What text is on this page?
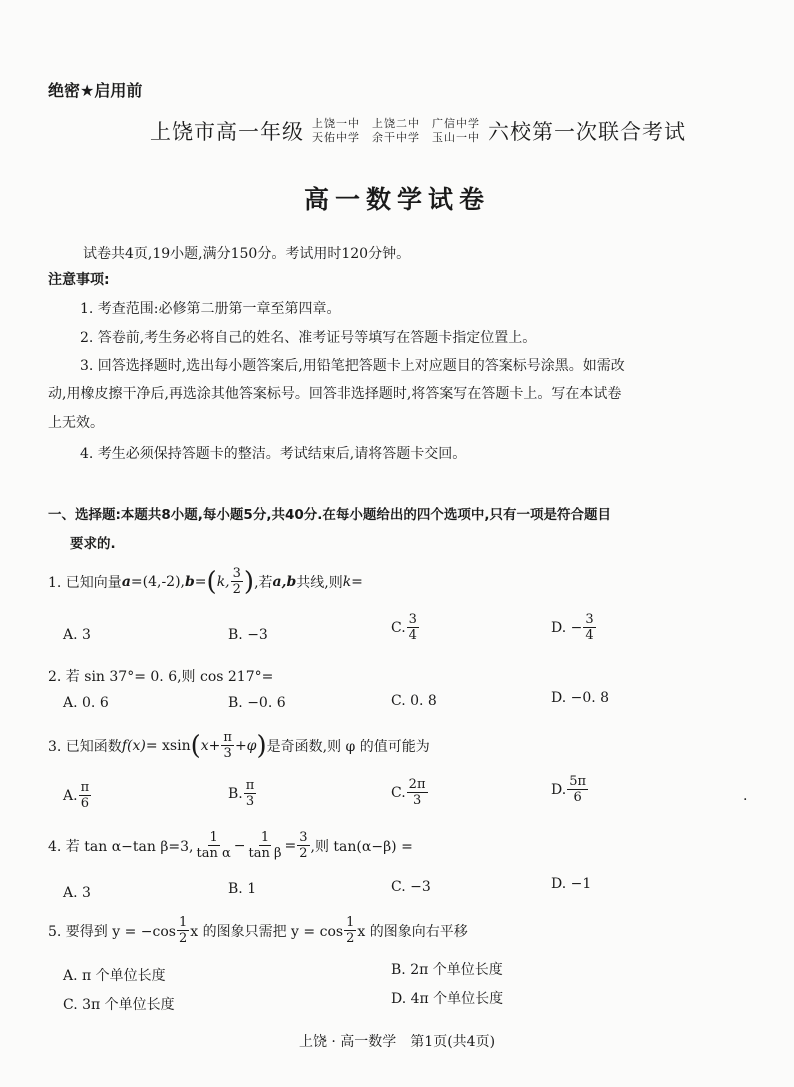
绝密★启用前
上饶市高一年级 上饶一中　上饶二中　广信中学
天佑中学　余干中学　玉山一中 六校第一次联合考试
高一数学试卷
试卷共4页,19小题,满分150分。考试用时120分钟。
注意事项:
1. 考查范围:必修第二册第一章至第四章。
2. 答卷前,考生务必将自己的姓名、准考证号等填写在答题卡指定位置上。
3. 回答选择题时,选出每小题答案后,用铅笔把答题卡上对应题目的答案标号涂黑。如需改
动,用橡皮擦干净后,再选涂其他答案标号。回答非选择题时,将答案写在答题卡上。写在本试卷
上无效。
4. 考生必须保持答题卡的整洁。考试结束后,请将答题卡交回。
一、选择题:本题共8小题,每小题5分,共40分.在每小题给出的四个选项中,只有一项是符合题目
要求的.
1. 已知向量 a =(4,-2), b = ( k, $\frac{3}{2}$ ) ,若 a,b 共线,则 k=
A. 3	B. −3	C. $\frac{3}{4}$	D. − $\frac{3}{4}$
2. 若 sin 37°= 0. 6,则 cos 217°=
A. 0. 6	B. −0. 6	C. 0. 8	D. −0. 8
3. 已知函数 f(x) = xsin ( $x+ \frac{\pi}{3} +\varphi$ ) 是奇函数,则 φ 的值可能为
A. $\frac{\pi}{6}$	B. $\frac{\pi}{3}$	C. $\frac{2\pi}{3}$	D. $\frac{5\pi}{6}$	.
4. 若 tan α−tan β=3, $\frac{1}{\text{tan α}} - \frac{1}{\text{tan β}} = \frac{3}{2}$ ,则 tan(α−β) =
A. 3	B. 1	C. −3	D. −1
5. 要得到 $y = -\cos \frac{1}{2}$ x 的图象只需把 $y = \cos \frac{1}{2}$ x 的图象向右平移
A. π 个单位长度	B. 2π 个单位长度
C. 3π 个单位长度	D. 4π 个单位长度
上饶 · 高一数学　第1页(共4页)
